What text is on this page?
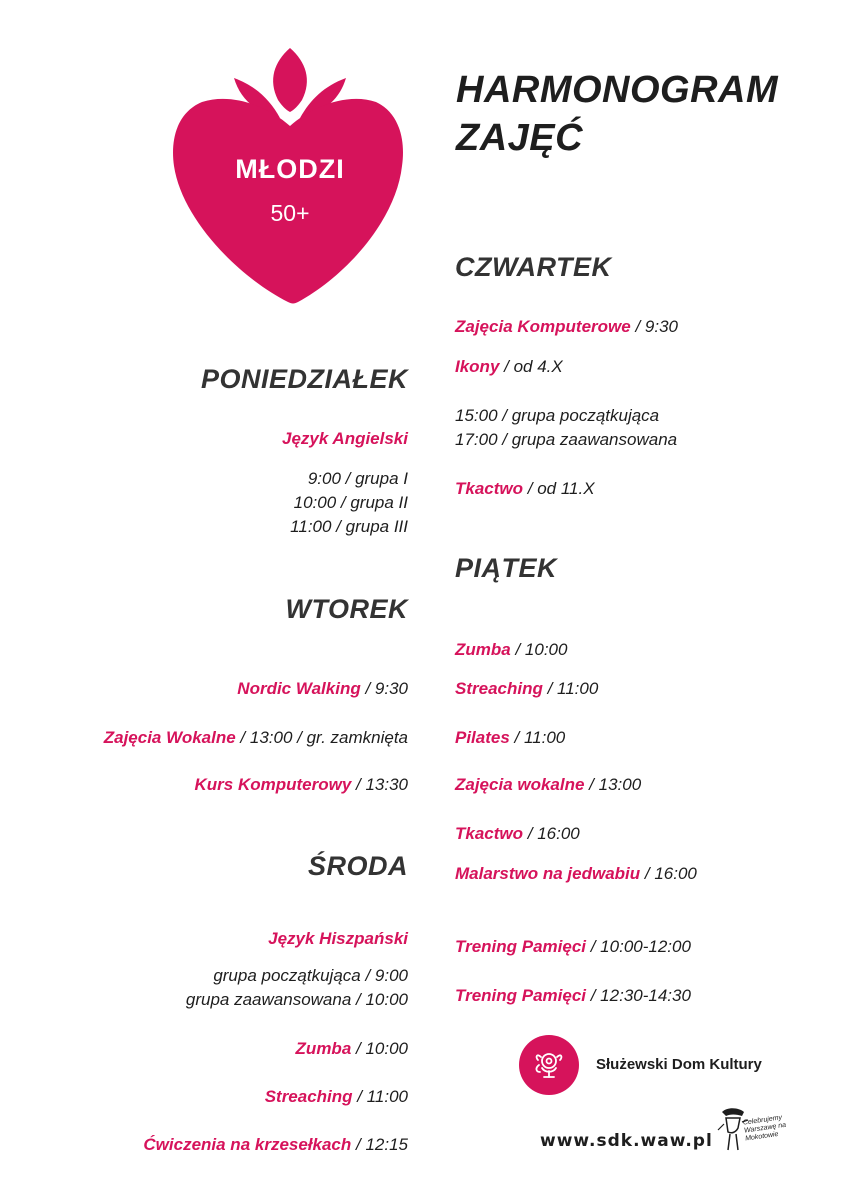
MŁODZI
50+
HARMONOGRAM
ZAJĘĆ
PONIEDZIAŁEK
Język Angielski
9:00 / grupa I
10:00 / grupa II
11:00 / grupa III
WTOREK
Nordic Walking / 9:30
Zajęcia Wokalne / 13:00 / gr. zamknięta
Kurs Komputerowy / 13:30
ŚRODA
Język Hiszpański
grupa początkująca / 9:00
grupa zaawansowana / 10:00
Zumba / 10:00
Streaching / 11:00
Ćwiczenia na krzesełkach / 12:15
CZWARTEK
Zajęcia Komputerowe / 9:30
Ikony / od 4.X
15:00 / grupa początkująca
17:00 / grupa zaawansowana
Tkactwo / od 11.X
PIĄTEK
Zumba / 10:00
Streaching / 11:00
Pilates / 11:00
Zajęcia wokalne / 13:00
Tkactwo / 16:00
Malarstwo na jedwabiu / 16:00
Trening Pamięci / 10:00-12:00
Trening Pamięci / 12:30-14:30
Służewski Dom Kultury
www.sdk.waw.pl
Celebrujemy Warszawę na Mokotowie
